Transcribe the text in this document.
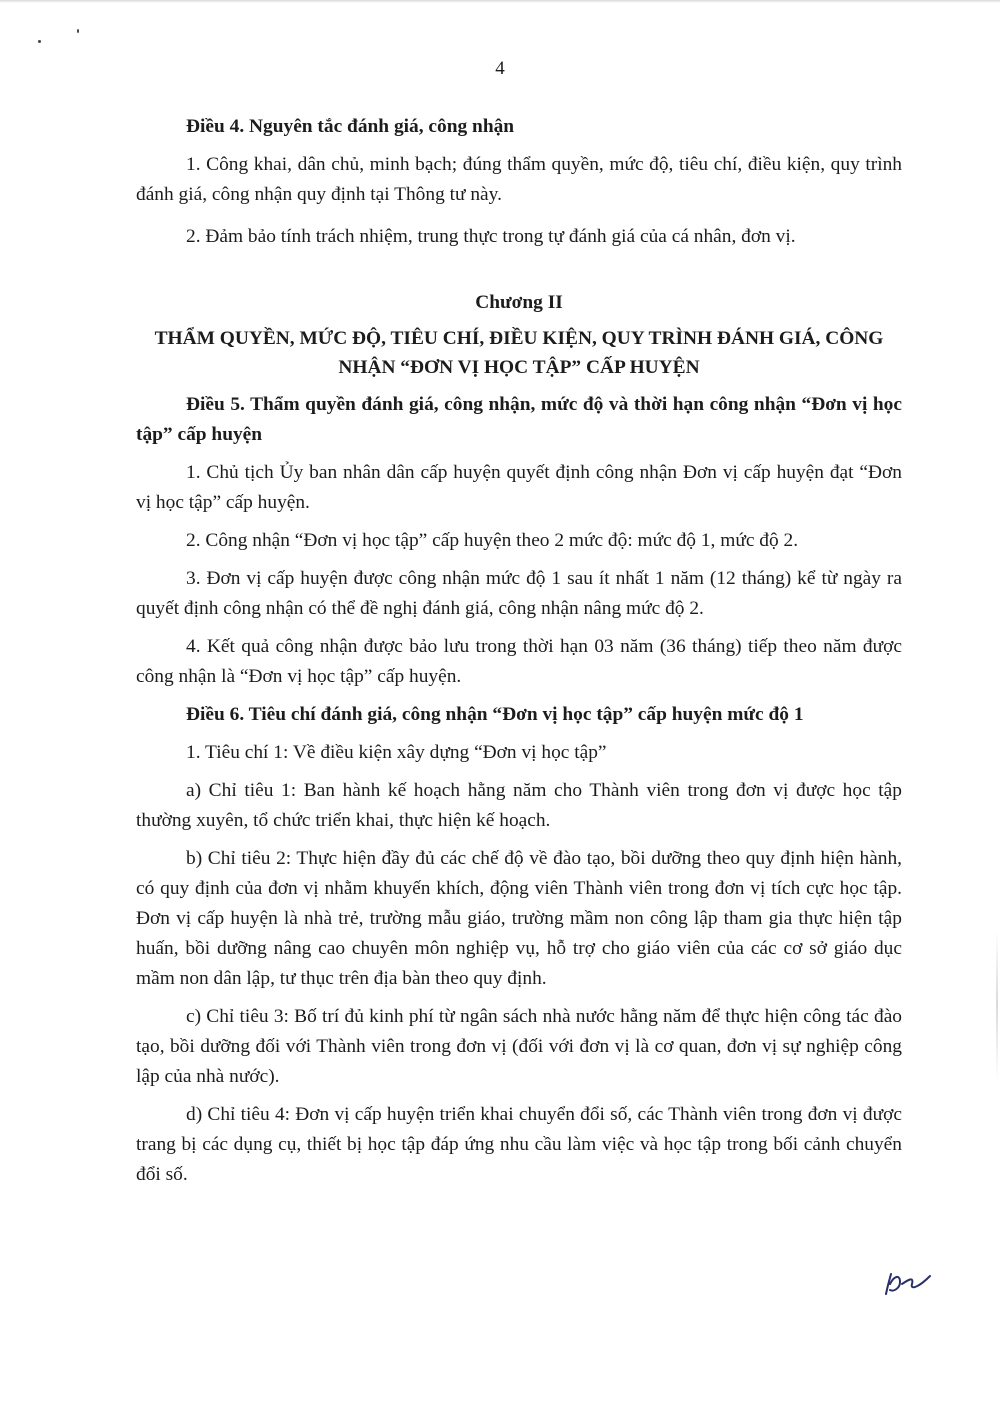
4

Điều 4. Nguyên tắc đánh giá, công nhận

1. Công khai, dân chủ, minh bạch; đúng thẩm quyền, mức độ, tiêu chí, điều kiện, quy trình đánh giá, công nhận quy định tại Thông tư này.

2. Đảm bảo tính trách nhiệm, trung thực trong tự đánh giá của cá nhân, đơn vị.

Chương II

THẨM QUYỀN, MỨC ĐỘ, TIÊU CHÍ, ĐIỀU KIỆN, QUY TRÌNH ĐÁNH GIÁ, CÔNG NHẬN “ĐƠN VỊ HỌC TẬP” CẤP HUYỆN

Điều 5. Thẩm quyền đánh giá, công nhận, mức độ và thời hạn công nhận “Đơn vị học tập” cấp huyện

1. Chủ tịch Ủy ban nhân dân cấp huyện quyết định công nhận Đơn vị cấp huyện đạt “Đơn vị học tập” cấp huyện.

2. Công nhận “Đơn vị học tập” cấp huyện theo 2 mức độ: mức độ 1, mức độ 2.

3. Đơn vị cấp huyện được công nhận mức độ 1 sau ít nhất 1 năm (12 tháng) kể từ ngày ra quyết định công nhận có thể đề nghị đánh giá, công nhận nâng mức độ 2.

4. Kết quả công nhận được bảo lưu trong thời hạn 03 năm (36 tháng) tiếp theo năm được công nhận là “Đơn vị học tập” cấp huyện.

Điều 6. Tiêu chí đánh giá, công nhận “Đơn vị học tập” cấp huyện mức độ 1

1. Tiêu chí 1: Về điều kiện xây dựng “Đơn vị học tập”

a) Chỉ tiêu 1: Ban hành kế hoạch hằng năm cho Thành viên trong đơn vị được học tập thường xuyên, tổ chức triển khai, thực hiện kế hoạch.

b) Chỉ tiêu 2: Thực hiện đầy đủ các chế độ về đào tạo, bồi dưỡng theo quy định hiện hành, có quy định của đơn vị nhằm khuyến khích, động viên Thành viên trong đơn vị tích cực học tập. Đơn vị cấp huyện là nhà trẻ, trường mẫu giáo, trường mầm non công lập tham gia thực hiện tập huấn, bồi dưỡng nâng cao chuyên môn nghiệp vụ, hỗ trợ cho giáo viên của các cơ sở giáo dục mầm non dân lập, tư thục trên địa bàn theo quy định.

c) Chỉ tiêu 3: Bố trí đủ kinh phí từ ngân sách nhà nước hằng năm để thực hiện công tác đào tạo, bồi dưỡng đối với Thành viên trong đơn vị (đối với đơn vị là cơ quan, đơn vị sự nghiệp công lập của nhà nước).

d) Chỉ tiêu 4: Đơn vị cấp huyện triển khai chuyển đổi số, các Thành viên trong đơn vị được trang bị các dụng cụ, thiết bị học tập đáp ứng nhu cầu làm việc và học tập trong bối cảnh chuyển đổi số.
